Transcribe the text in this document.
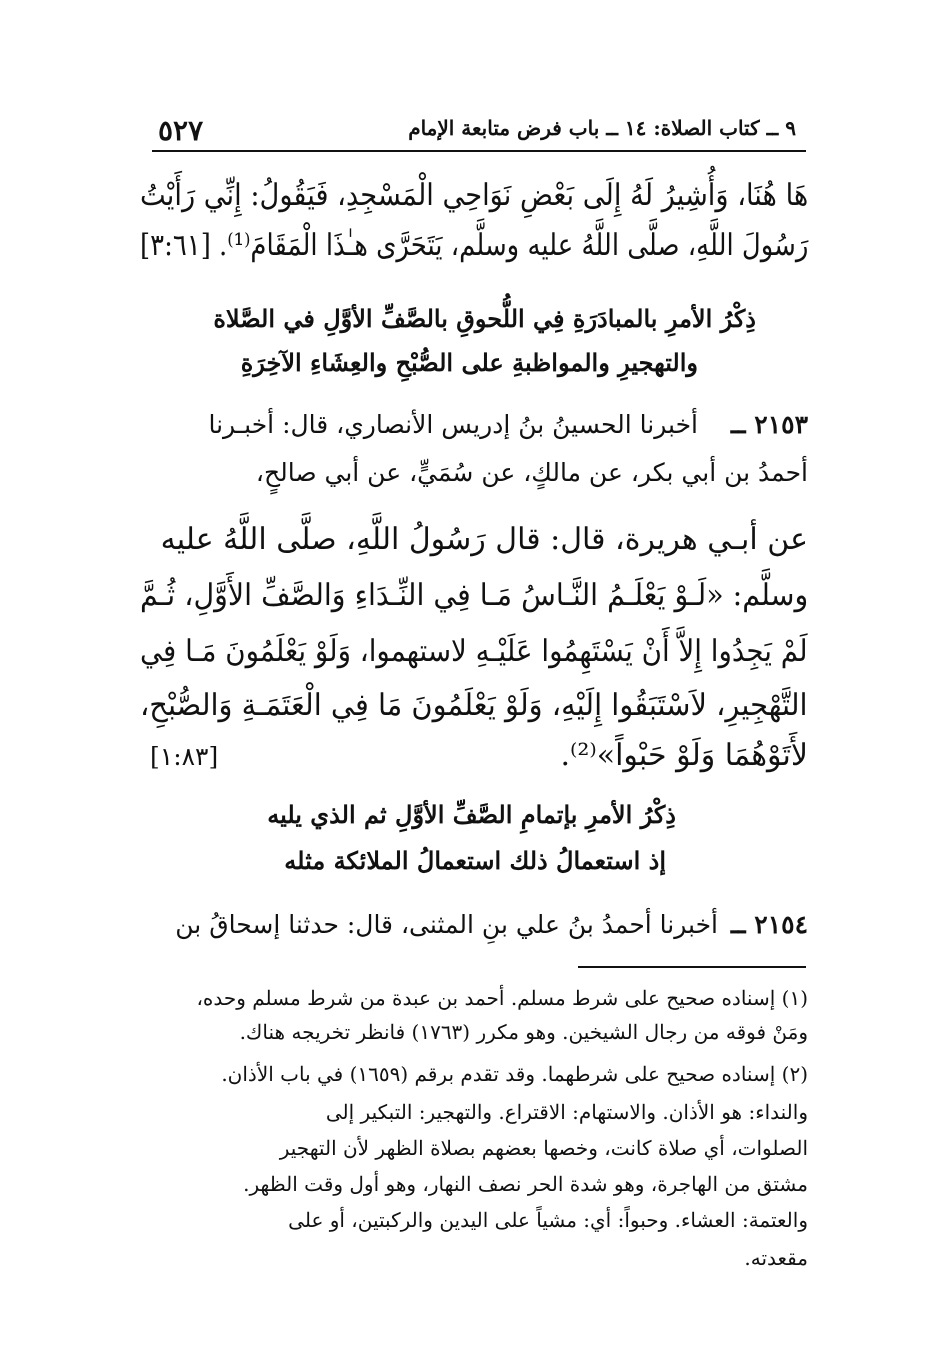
٥٢٧	٩ ــ كتاب الصلاة: ١٤ ــ باب فرض متابعة الإمام
هَا هُنَا، وَأُشِيرُ لَهُ إِلَى بَعْضِ نَوَاحِي الْمَسْجِدِ، فَيَقُولُ: إِنِّي رَأَيْتُ
رَسُولَ اللَّهِ، صلَّى اللَّهُ عليه وسلَّم، يَتَحَرَّى هـٰذَا الْمَقَامَ⁽¹⁾. [٣:٦١]
ذِكْرُ الأمرِ بالمبادَرَةِ فِي اللُّحوقِ بالصَّفِّ الأوَّلِ في الصَّلاة
والتهجيرِ والمواظبةِ على الصُّبْحِ والعِشَاءِ الآخِرَةِ
٢١٥٣ ــ
أخبرنا الحسينُ بنُ إدريس الأنصاري، قال: أخبـرنا
أحمدُ بن أبي بكر، عن مالكٍ، عن سُمَيٍّ، عن أبي صالحٍ،
عن أبـي هريرة، قال: قال رَسُولُ اللَّهِ، صلَّى اللَّهُ عليه
وسلَّم: «لَـوْ يَعْلَـمُ النَّـاسُ مَـا فِي النِّـدَاءِ وَالصَّفِّ الأَوَّلِ، ثُـمَّ
لَمْ يَجِدُوا إِلاَّ أَنْ يَسْتَهِمُوا عَلَيْـهِ لاستهموا، وَلَوْ يَعْلَمُونَ مَـا فِي
التَّهْجِيرِ، لاَسْتَبَقُوا إِلَيْهِ، وَلَوْ يَعْلَمُونَ مَا فِي الْعَتَمَـةِ وَالصُّبْحِ،
لأَتَوْهُمَا وَلَوْ حَبْواً»⁽²⁾.
[١:٨٣]
ذِكْرُ الأمرِ بإتمامِ الصَّفِّ الأوَّلِ ثم الذي يليه
إذ استعمالُ ذلك استعمالُ الملائكة مثله
٢١٥٤ ــ
أخبرنا أحمدُ بنُ علي بنِ المثنى، قال: حدثنا إسحاقُ بن
(١) إسناده صحيح على شرط مسلم. أحمد بن عبدة من شرط مسلم وحده،
ومَنْ فوقه من رجال الشيخين. وهو مكرر (١٧٦٣) فانظر تخريجه هناك.
(٢) إسناده صحيح على شرطهما. وقد تقدم برقم (١٦٥٩) في باب الأذان.
والنداء: هو الأذان. والاستهام: الاقتراع. والتهجير: التبكير إلى
الصلوات، أي صلاة كانت، وخصها بعضهم بصلاة الظهر لأن التهجير
مشتق من الهاجرة، وهو شدة الحر نصف النهار، وهو أول وقت الظهر.
والعتمة: العشاء. وحبواً: أي: مشياً على اليدين والركبتين، أو على
مقعدته.
